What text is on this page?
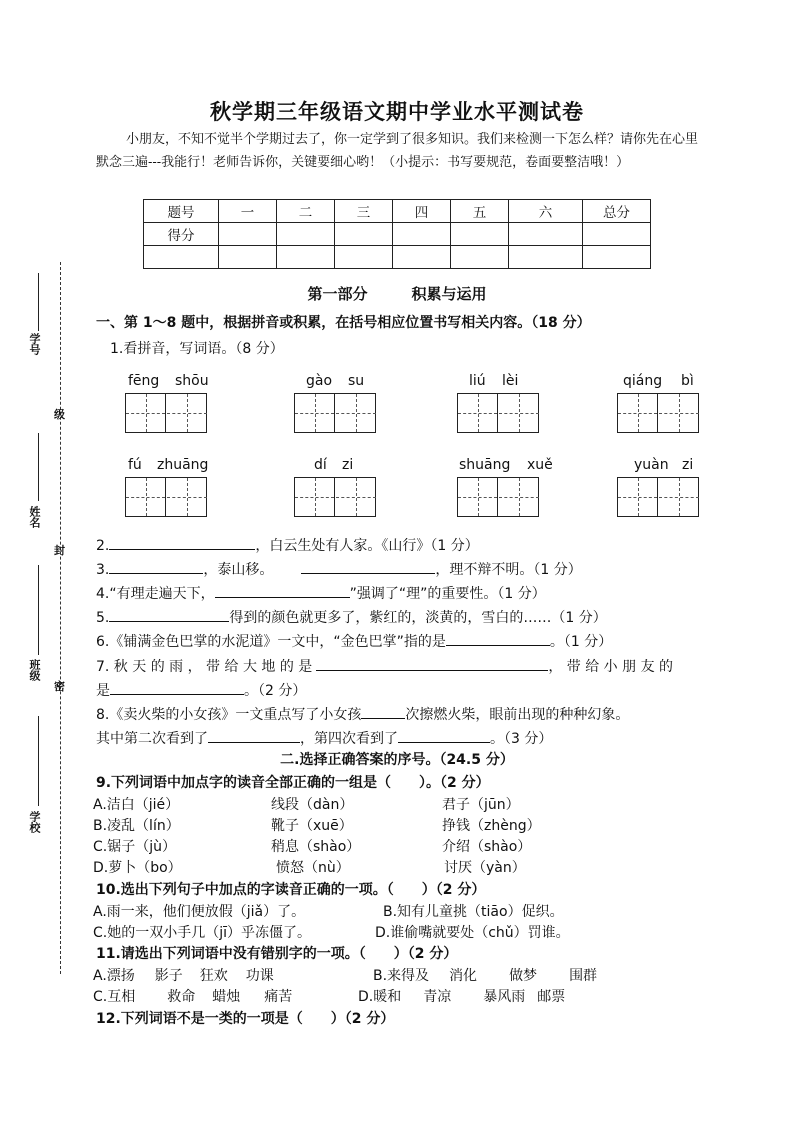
秋学期三年级语文期中学业水平测试卷
小朋友，不知不觉半个学期过去了，你一定学到了很多知识。我们来检测一下怎么样？请你先在心里默念三遍---我能行！老师告诉你，关键要细心哟！（小提示：书写要规范，卷面要整洁哦！）
题号	一	二	三	四	五	六	总分
得分							

第一部分	积累与运用
一、第 1～8 题中，根据拼音或积累，在括号相应位置书写相关内容。（18 分）
1.看拼音，写词语。（8 分）
fēng shōu	gào su	liú lèi	qiáng bì
fú zhuāng	dí zi	shuāng xuě	yuàn zi
2.	，白云生处有人家。《山行》（1 分）
3.	，泰山移。	，理不辩不明。（1 分）
4.“有理走遍天下，	”强调了“理”的重要性。（1 分）
5.	得到的颜色就更多了，紫红的，淡黄的，雪白的……（1 分）
6.《铺满金色巴掌的水泥道》一文中，“金色巴掌”指的是	。（1 分）
7. 秋 天 的 雨 ， 带 给 大 地 的 是	， 带 给 小 朋 友 的
是	。（2 分）
8.《卖火柴的小女孩》一文重点写了小女孩	次擦燃火柴，眼前出现的种种幻象。
其中第二次看到了	，第四次看到了	。（3 分）
二.选择正确答案的序号。（24.5 分）
9.下列词语中加点字的读音全部正确的一组是（　　）。（2 分）
A.洁白（jié）	线段（dàn）	君子（jūn）
B.凌乱（lín）	靴子（xuē）	挣钱（zhèng）
C.锯子（jù）	稍息（shào）	介绍（shào）
D.萝卜（bo）	愤怒（nù）	讨厌（yàn）
10.选出下列句子中加点的字读音正确的一项。（　　）（2 分）
A.雨一来，他们便放假（jiǎ）了。	B.知有儿童挑（tiāo）促织。
C.她的一双小手几（jī）乎冻僵了。	D.谁偷嘴就要处（chǔ）罚谁。
11.请选出下列词语中没有错别字的一项。（　　）（2 分）
A.漂扬 影子 狂欢 功课	B.来得及 消化 做梦 围群
C.互相 救命 蜡烛 痛苦	D.暖和 青凉 暴风雨 邮票
12.下列词语不是一类的一项是（　　）（2 分）
学号
级
姓名
封
班级
密
学校
